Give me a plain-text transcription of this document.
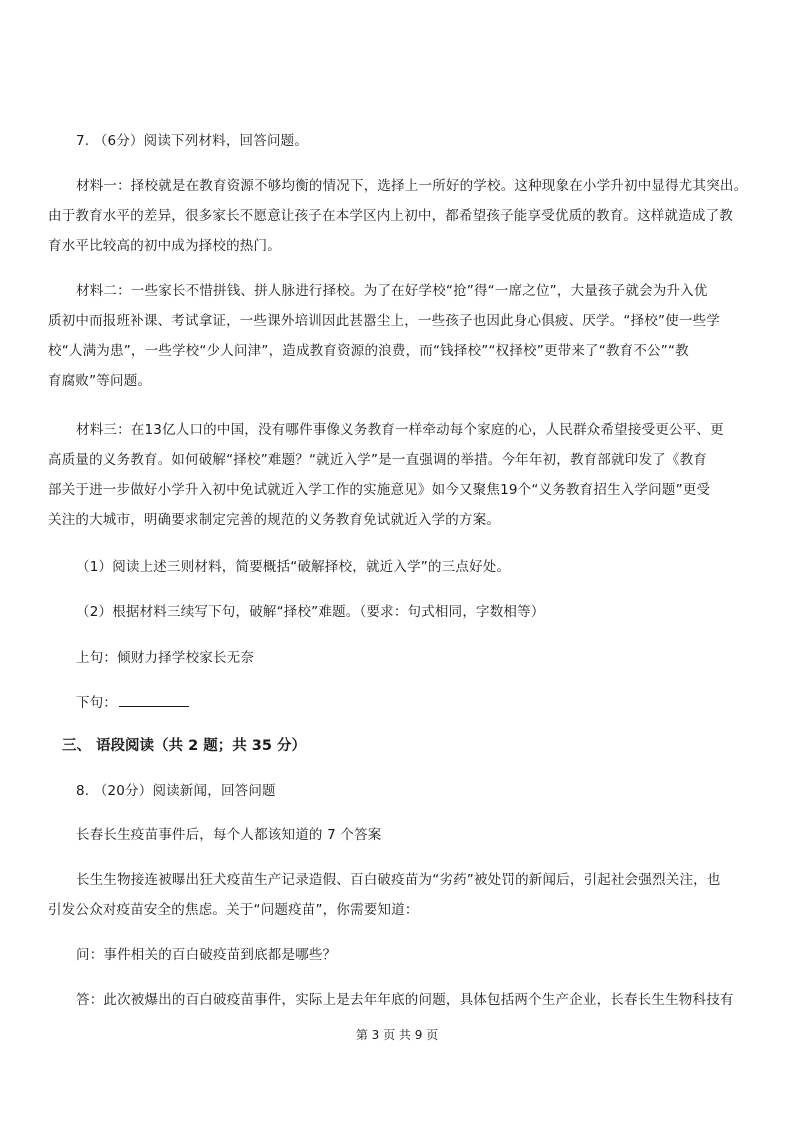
7. （6分）阅读下列材料，回答问题。
材料一：择校就是在教育资源不够均衡的情况下，选择上一所好的学校。这种现象在小学升初中显得尤其突出。
由于教育水平的差异，很多家长不愿意让孩子在本学区内上初中，都希望孩子能享受优质的教育。这样就造成了教
育水平比较高的初中成为择校的热门。
材料二：一些家长不惜拼钱、拼人脉进行择校。为了在好学校“抢”得“一席之位”，大量孩子就会为升入优
质初中而报班补课、考试拿证，一些课外培训因此甚嚣尘上，一些孩子也因此身心俱疲、厌学。“择校”使一些学
校“人满为患”，一些学校“少人问津”，造成教育资源的浪费，而“钱择校”“权择校”更带来了“教育不公”“教
育腐败”等问题。
材料三：在13亿人口的中国，没有哪件事像义务教育一样牵动每个家庭的心，人民群众希望接受更公平、更
高质量的义务教育。如何破解“择校”难题？“就近入学”是一直强调的举措。今年年初，教育部就印发了《教育
部关于进一步做好小学升入初中免试就近入学工作的实施意见》如今又聚焦19个“义务教育招生入学问题”更受
关注的大城市，明确要求制定完善的规范的义务教育免试就近入学的方案。
（1）阅读上述三则材料，简要概括“破解择校，就近入学”的三点好处。
（2）根据材料三续写下句，破解“择校”难题。（要求：句式相同，字数相等）
上句：倾财力择学校家长无奈
下句：
三、 语段阅读（共 2 题；共 35 分）
8. （20分）阅读新闻，回答问题
长春长生疫苗事件后，每个人都该知道的 7 个答案
长生生物接连被曝出狂犬疫苗生产记录造假、百白破疫苗为“劣药”被处罚的新闻后，引起社会强烈关注，也
引发公众对疫苗安全的焦虑。关于“问题疫苗”，你需要知道：
问：事件相关的百白破疫苗到底都是哪些？
答：此次被爆出的百白破疫苗事件，实际上是去年年底的问题，具体包括两个生产企业，长春长生生物科技有
第 3 页 共 9 页
